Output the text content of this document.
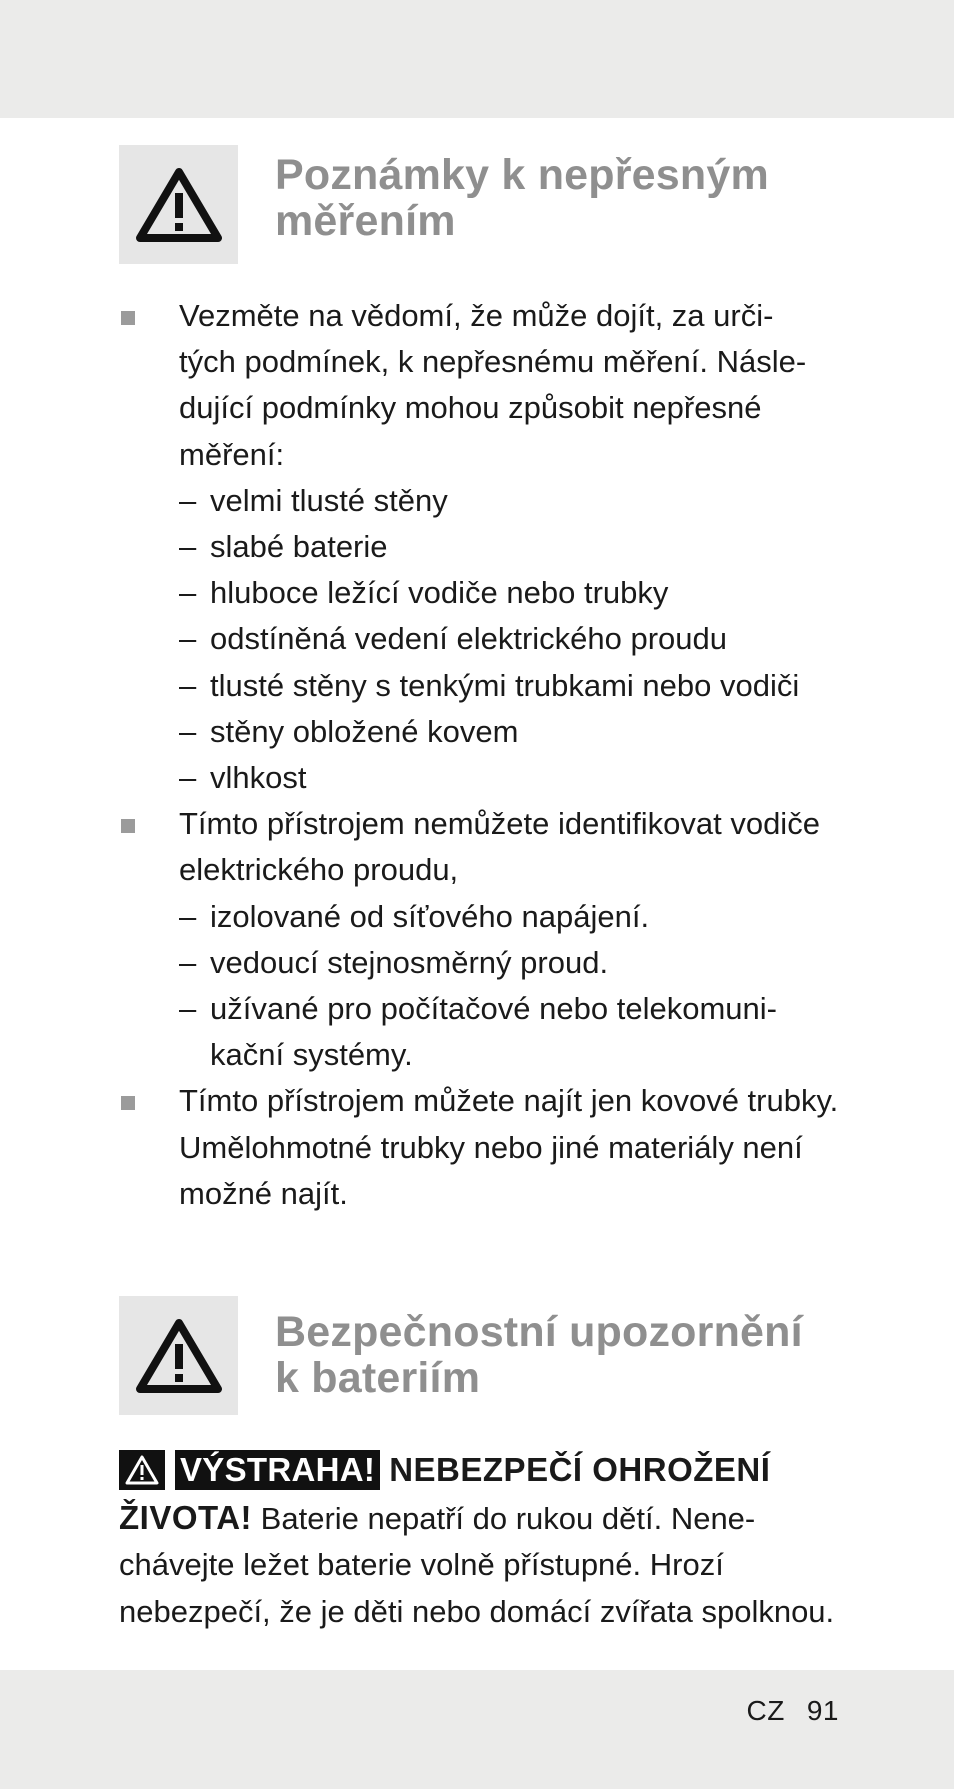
Poznámky k nepřesným
měřením
Vezměte na vědomí, že může dojít, za urči-
tých podmínek, k nepřesnému měření. Násle-
dující podmínky mohou způsobit nepřesné
měření:
– velmi tlusté stěny
– slabé baterie
– hluboce ležící vodiče nebo trubky
– odstíněná vedení elektrického proudu
– tlusté stěny s tenkými trubkami nebo vodiči
– stěny obložené kovem
– vlhkost
Tímto přístrojem nemůžete identifikovat vodiče
elektrického proudu,
– izolované od síťového napájení.
– vedoucí stejnosměrný proud.
– užívané pro počítačové nebo telekomuni-
kační systémy.
Tímto přístrojem můžete najít jen kovové trubky.
Umělohmotné trubky nebo jiné materiály není
možné najít.
Bezpečnostní upozornění
k bateriím
VÝSTRAHA! NEBEZPEČÍ OHROŽENÍ
ŽIVOTA! Baterie nepatří do rukou dětí. Nene-
chávejte ležet baterie volně přístupné. Hrozí
nebezpečí, že je děti nebo domácí zvířata spolknou.
CZ 91
